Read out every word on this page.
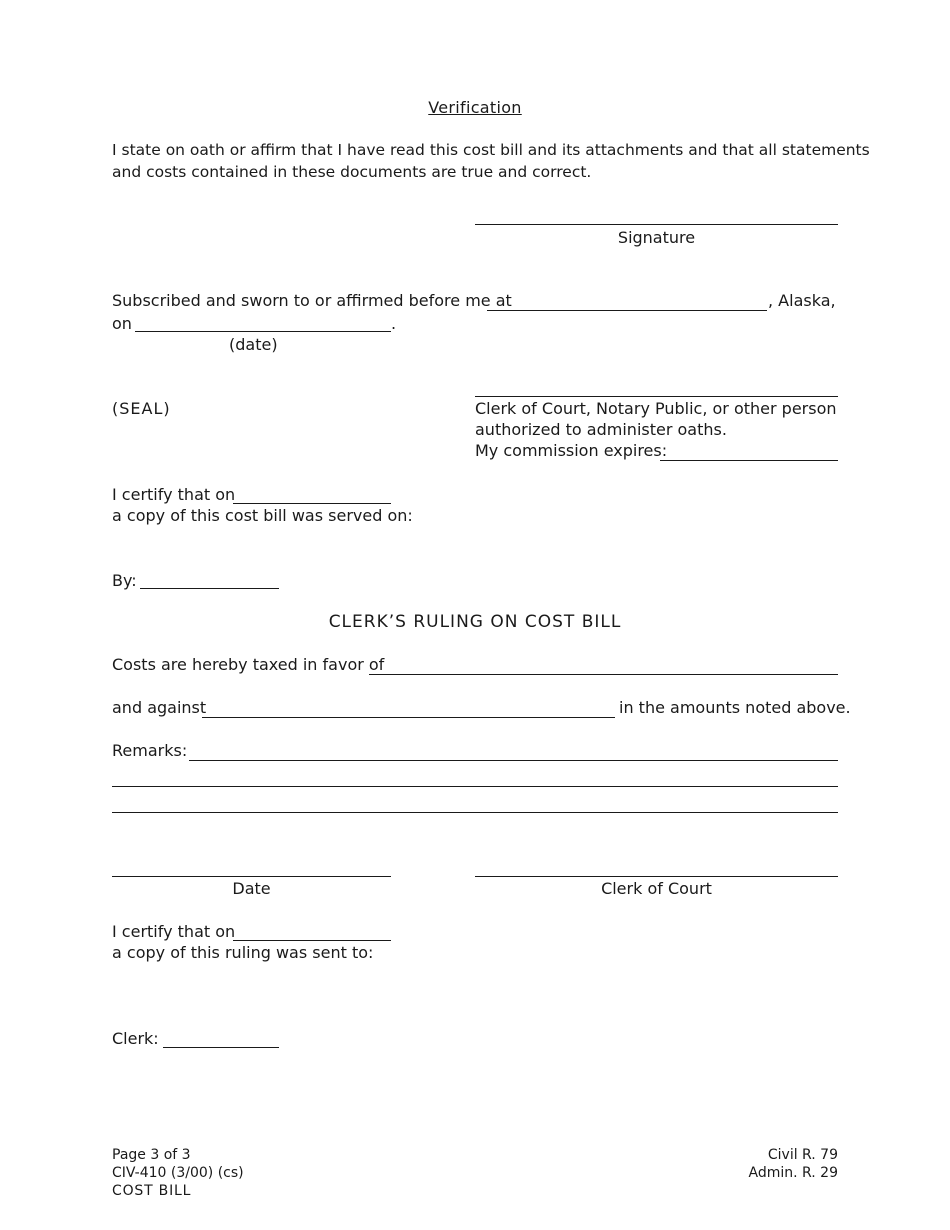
Verification
I state on oath or affirm that I have read this cost bill and its attachments and that all statements
and costs contained in these documents are true and correct.
Signature
Subscribed and sworn to or affirmed before me at	, Alaska,
on	.
(date)
(SEAL)	Clerk of Court, Notary Public, or other person
authorized to administer oaths.
My commission expires:
I certify that on
a copy of this cost bill was served on:
By:
CLERK’S RULING ON COST BILL
Costs are hereby taxed in favor of
and against	in the amounts noted above.
Remarks:
Date	Clerk of Court
I certify that on
a copy of this ruling was sent to:
Clerk:
Page 3 of 3
CIV-410 (3/00) (cs)
COST BILL
Civil R. 79
Admin. R. 29
